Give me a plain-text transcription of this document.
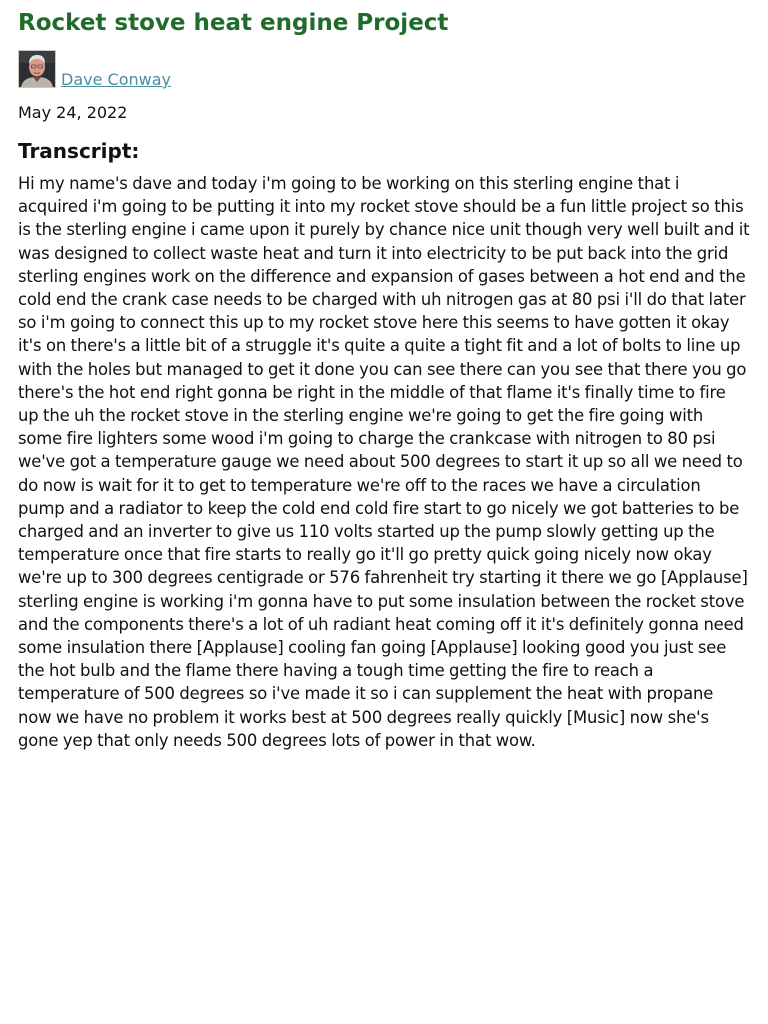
Rocket stove heat engine Project
Dave Conway
May 24, 2022
Transcript:

Hi my name's dave and today i'm going to be working on this sterling engine that i acquired i'm going to be putting it into my rocket stove should be a fun little project so this is the sterling engine i came upon it purely by chance nice unit though very well built and it was designed to collect waste heat and turn it into electricity to be put back into the grid sterling engines work on the difference and expansion of gases between a hot end and the cold end the crank case needs to be charged with uh nitrogen gas at 80 psi i'll do that later so i'm going to connect this up to my rocket stove here this seems to have gotten it okay it's on there's a little bit of a struggle it's quite a quite a tight fit and a lot of bolts to line up with the holes but managed to get it done you can see there can you see that there you go there's the hot end right gonna be right in the middle of that flame it's finally time to fire up the uh the rocket stove in the sterling engine we're going to get the fire going with some fire lighters some wood i'm going to charge the crankcase with nitrogen to 80 psi we've got a temperature gauge we need about 500 degrees to start it up so all we need to do now is wait for it to get to temperature we're off to the races we have a circulation pump and a radiator to keep the cold end cold fire start to go nicely we got batteries to be charged and an inverter to give us 110 volts started up the pump slowly getting up the temperature once that fire starts to really go it'll go pretty quick going nicely now okay we're up to 300 degrees centigrade or 576 fahrenheit try starting it there we go [Applause] sterling engine is working i'm gonna have to put some insulation between the rocket stove and the components there's a lot of uh radiant heat coming off it it's definitely gonna need some insulation there [Applause] cooling fan going [Applause] looking good you just see the hot bulb and the flame there having a tough time getting the fire to reach a temperature of 500 degrees so i've made it so i can supplement the heat with propane now we have no problem it works best at 500 degrees really quickly [Music] now she's gone yep that only needs 500 degrees lots of power in that wow.
